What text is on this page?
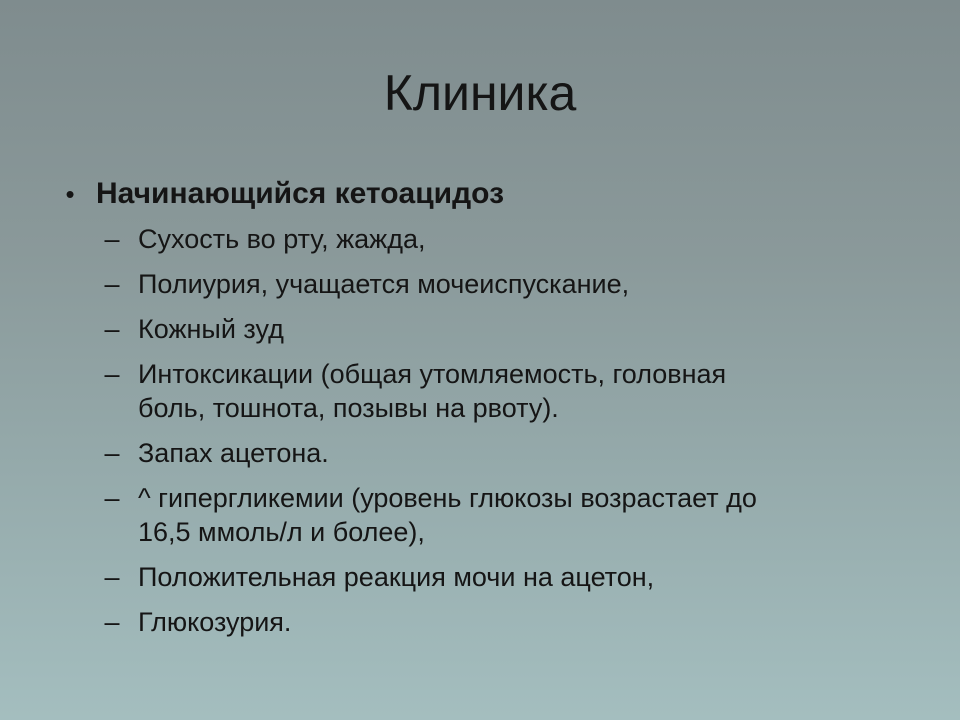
Клиника
• Начинающийся кетоацидоз
– Сухость во рту, жажда,
– Полиурия, учащается мочеиспускание,
– Кожный зуд
– Интоксикации (общая утомляемость, головная
боль, тошнота, позывы на рвоту).
– Запах ацетона.
– ^ гипергликемии (уровень глюкозы возрастает до
16,5 ммоль/л и более),
– Положительная реакция мочи на ацетон,
– Глюкозурия.
